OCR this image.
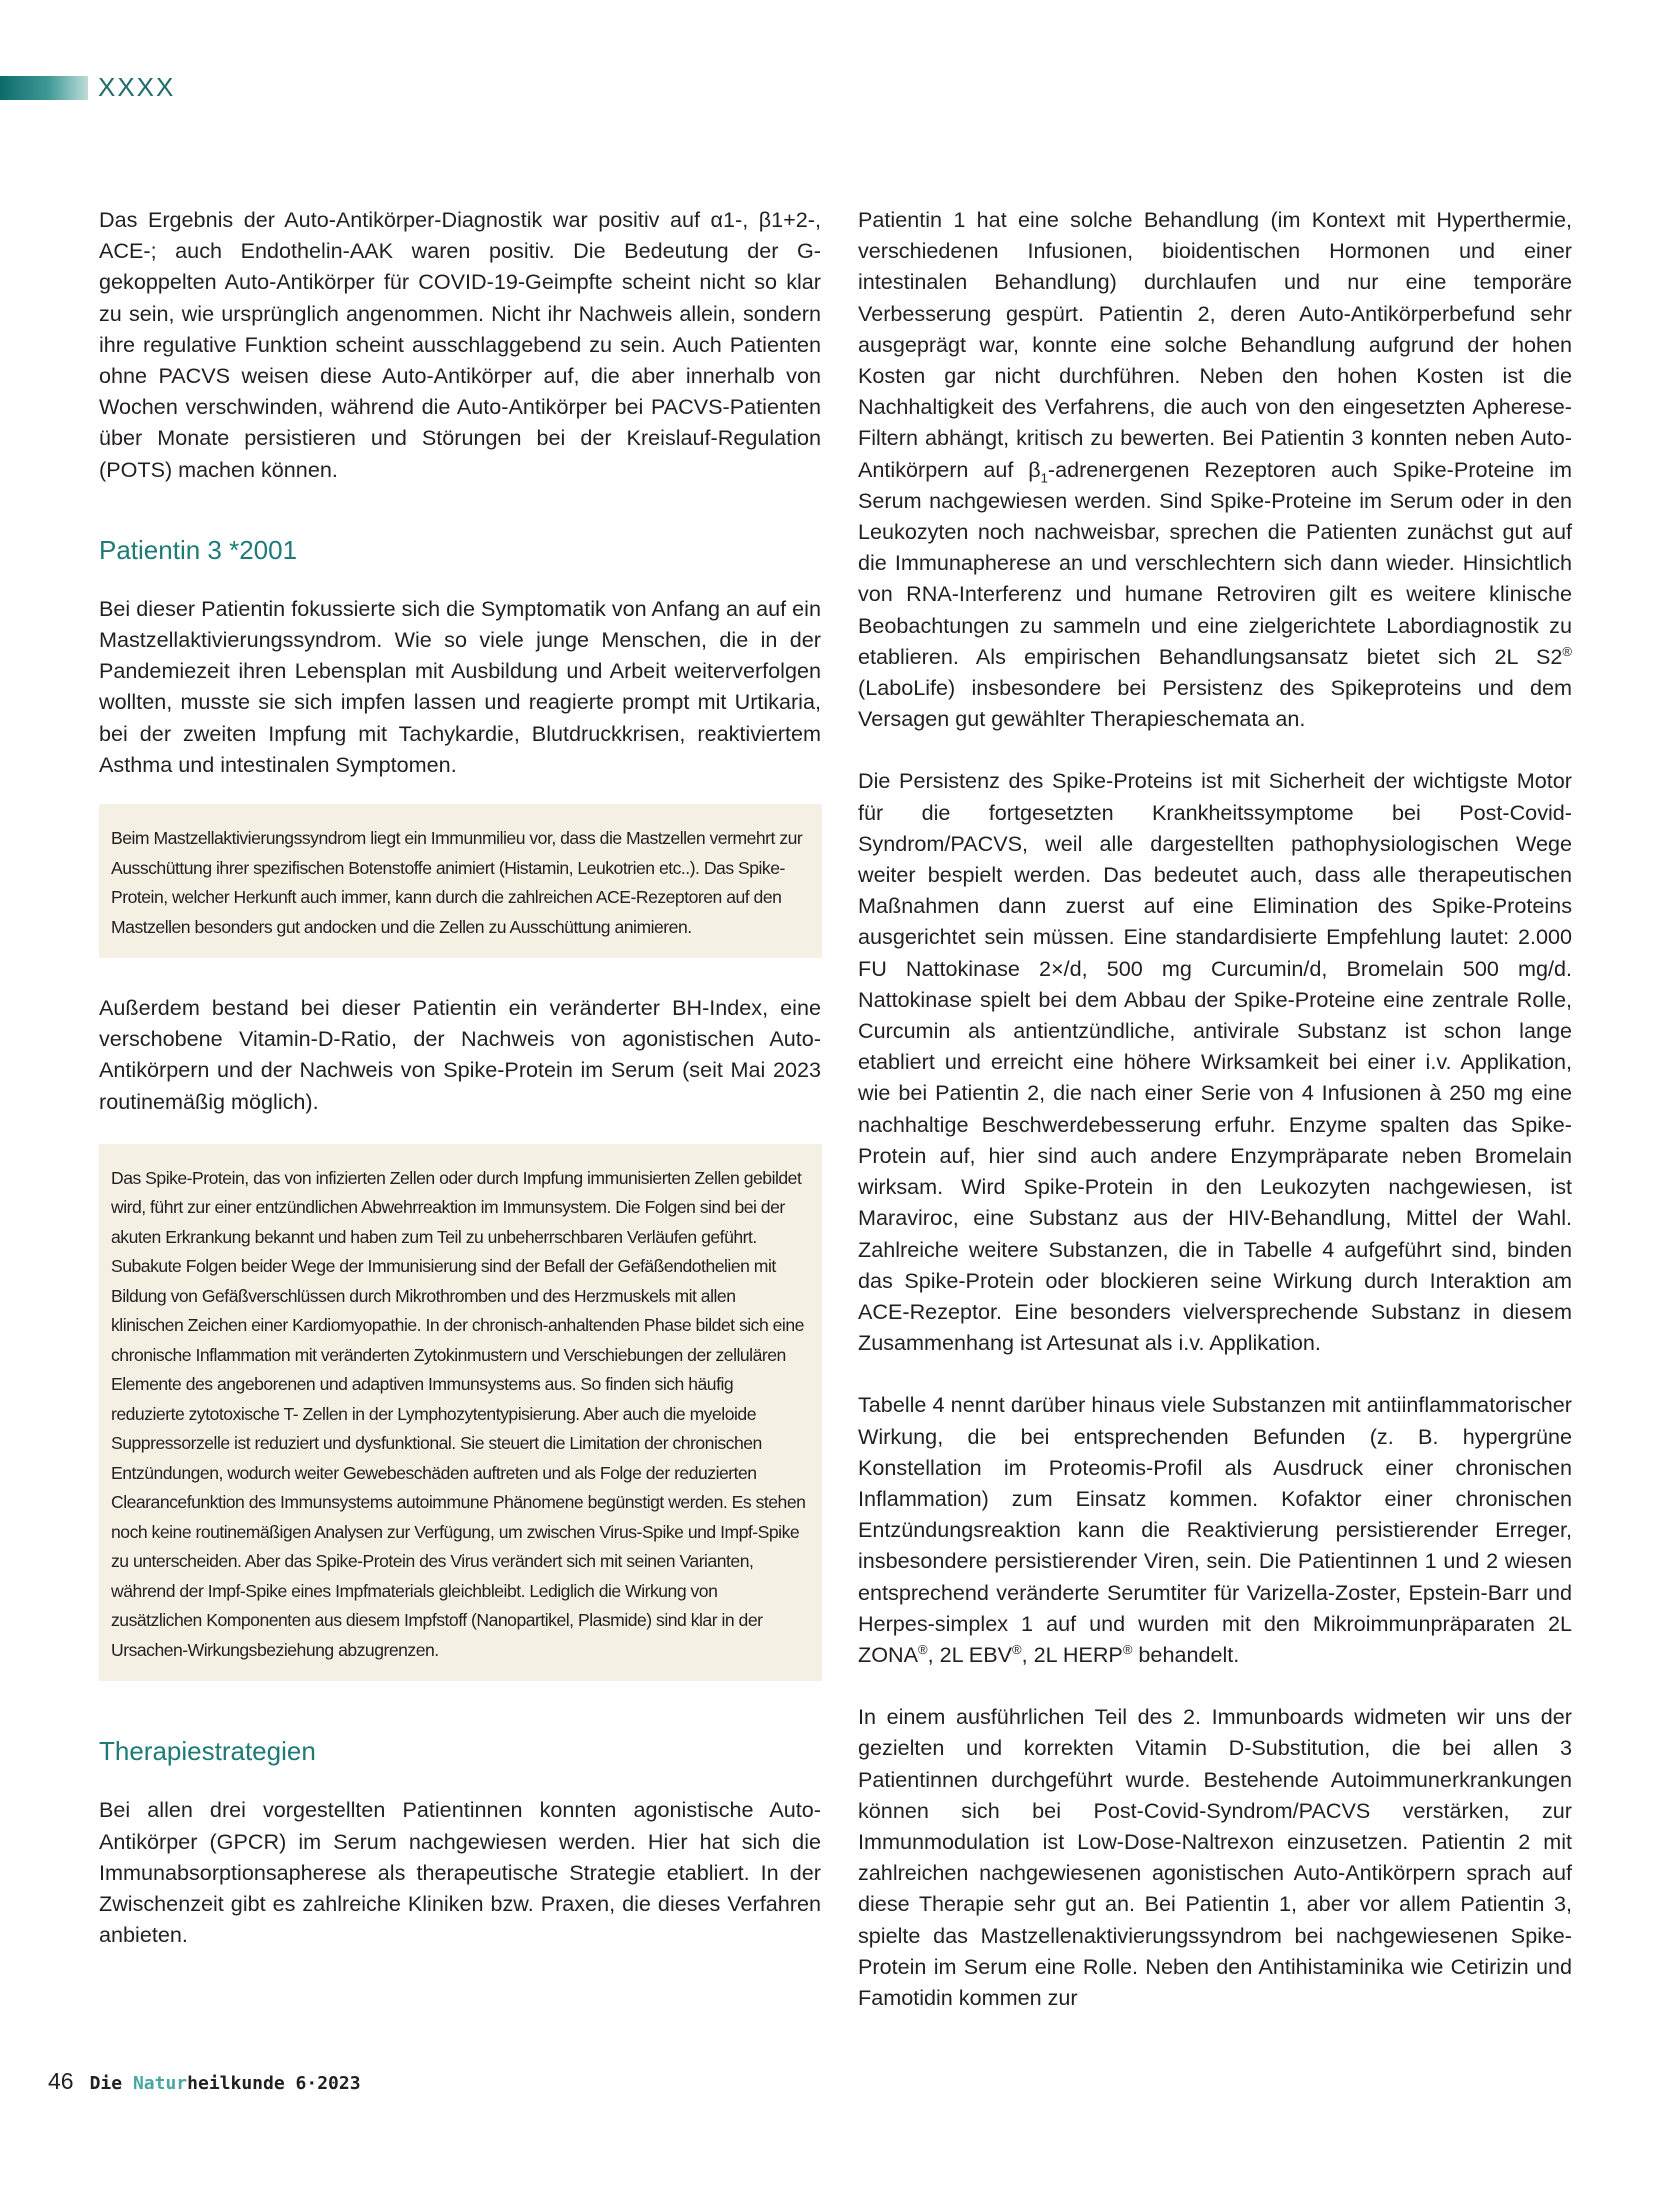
XXXX

Das Ergebnis der Auto-Antikörper-Diagnostik war positiv auf α1-, β1+2-, ACE-; auch Endothelin-AAK waren positiv. Die Bedeutung der G-gekoppelten Auto-Antikörper für COVID-19-Geimpfte scheint nicht so klar zu sein, wie ursprünglich angenommen. Nicht ihr Nachweis allein, sondern ihre regulative Funktion scheint ausschlaggebend zu sein. Auch Patienten ohne PACVS weisen diese Auto-Antikörper auf, die aber innerhalb von Wochen verschwinden, während die Auto-Antikörper bei PACVS-Patienten über Monate persistieren und Störungen bei der Kreislauf-Regulation (POTS) machen können.

Patientin 3 *2001

Bei dieser Patientin fokussierte sich die Symptomatik von Anfang an auf ein Mastzellaktivierungssyndrom. Wie so viele junge Menschen, die in der Pandemiezeit ihren Lebensplan mit Ausbildung und Arbeit weiterverfolgen wollten, musste sie sich impfen lassen und reagierte prompt mit Urtikaria, bei der zweiten Impfung mit Tachykardie, Blutdruckkrisen, reaktiviertem Asthma und intestinalen Symptomen.

Beim Mastzellaktivierungssyndrom liegt ein Immunmilieu vor, dass die Mastzellen vermehrt zur Ausschüttung ihrer spezifischen Botenstoffe animiert (Histamin, Leukotrien etc..). Das Spike-Protein, welcher Herkunft auch immer, kann durch die zahlreichen ACE-Rezeptoren auf den Mastzellen besonders gut andocken und die Zellen zu Ausschüttung animieren.

Außerdem bestand bei dieser Patientin ein veränderter BH-Index, eine verschobene Vitamin-D-Ratio, der Nachweis von agonistischen Auto-Antikörpern und der Nachweis von Spike-Protein im Serum (seit Mai 2023 routinemäßig möglich).

Das Spike-Protein, das von infizierten Zellen oder durch Impfung immunisierten Zellen gebildet wird, führt zur einer entzündlichen Abwehrreaktion im Immunsystem. Die Folgen sind bei der akuten Erkrankung bekannt und haben zum Teil zu unbeherrschbaren Verläufen geführt. Subakute Folgen beider Wege der Immunisierung sind der Befall der Gefäßendothelien mit Bildung von Gefäßverschlüssen durch Mikrothromben und des Herzmuskels mit allen klinischen Zeichen einer Kardiomyopathie. In der chronisch-anhaltenden Phase bildet sich eine chronische Inflammation mit veränderten Zytokinmustern und Verschiebungen der zellulären Elemente des angeborenen und adaptiven Immunsystems aus. So finden sich häufig reduzierte zytotoxische T- Zellen in der Lymphozytentypisierung. Aber auch die myeloide Suppressorzelle ist reduziert und dysfunktional. Sie steuert die Limitation der chronischen Entzündungen, wodurch weiter Gewebeschäden auftreten und als Folge der reduzierten Clearancefunktion des Immunsystems autoimmune Phänomene begünstigt werden. Es stehen noch keine routinemäßigen Analysen zur Verfügung, um zwischen Virus-Spike und Impf-Spike zu unterscheiden. Aber das Spike-Protein des Virus verändert sich mit seinen Varianten, während der Impf-Spike eines Impfmaterials gleichbleibt. Lediglich die Wirkung von zusätzlichen Komponenten aus diesem Impfstoff (Nanopartikel, Plasmide) sind klar in der Ursachen-Wirkungsbeziehung abzugrenzen.

Therapiestrategien

Bei allen drei vorgestellten Patientinnen konnten agonistische Auto-Antikörper (GPCR) im Serum nachgewiesen werden. Hier hat sich die Immunabsorptionsapherese als therapeutische Strategie etabliert. In der Zwischenzeit gibt es zahlreiche Kliniken bzw. Praxen, die dieses Verfahren anbieten.

Patientin 1 hat eine solche Behandlung (im Kontext mit Hyperthermie, verschiedenen Infusionen, bioidentischen Hormonen und einer intestinalen Behandlung) durchlaufen und nur eine temporäre Verbesserung gespürt. Patientin 2, deren Auto-Antikörperbefund sehr ausgeprägt war, konnte eine solche Behandlung aufgrund der hohen Kosten gar nicht durchführen. Neben den hohen Kosten ist die Nachhaltigkeit des Verfahrens, die auch von den eingesetzten Apherese-Filtern abhängt, kritisch zu bewerten. Bei Patientin 3 konnten neben Auto-Antikörpern auf $\beta_1$-adrenergenen Rezeptoren auch Spike-Proteine im Serum nachgewiesen werden. Sind Spike-Proteine im Serum oder in den Leukozyten noch nachweisbar, sprechen die Patienten zunächst gut auf die Immunapherese an und verschlechtern sich dann wieder. Hinsichtlich von RNA-Interferenz und humane Retroviren gilt es weitere klinische Beobachtungen zu sammeln und eine zielgerichtete Labordiagnostik zu etablieren. Als empirischen Behandlungsansatz bietet sich 2L S2® (LaboLife) insbesondere bei Persistenz des Spikeproteins und dem Versagen gut gewählter Therapieschemata an.

Die Persistenz des Spike-Proteins ist mit Sicherheit der wichtigste Motor für die fortgesetzten Krankheitssymptome bei Post-Covid-Syndrom/PACVS, weil alle dargestellten pathophysiologischen Wege weiter bespielt werden. Das bedeutet auch, dass alle therapeutischen Maßnahmen dann zuerst auf eine Elimination des Spike-Proteins ausgerichtet sein müssen. Eine standardisierte Empfehlung lautet: 2.000 FU Nattokinase 2×/d, 500 mg Curcumin/d, Bromelain 500 mg/d. Nattokinase spielt bei dem Abbau der Spike-Proteine eine zentrale Rolle, Curcumin als antientzündliche, antivirale Substanz ist schon lange etabliert und erreicht eine höhere Wirksamkeit bei einer i.v. Applikation, wie bei Patientin 2, die nach einer Serie von 4 Infusionen à 250 mg eine nachhaltige Beschwerdebesserung erfuhr. Enzyme spalten das Spike-Protein auf, hier sind auch andere Enzympräparate neben Bromelain wirksam. Wird Spike-Protein in den Leukozyten nachgewiesen, ist Maraviroc, eine Substanz aus der HIV-Behandlung, Mittel der Wahl. Zahlreiche weitere Substanzen, die in Tabelle 4 aufgeführt sind, binden das Spike-Protein oder blockieren seine Wirkung durch Interaktion am ACE-Rezeptor. Eine besonders vielversprechende Substanz in diesem Zusammenhang ist Artesunat als i.v. Applikation.

Tabelle 4 nennt darüber hinaus viele Substanzen mit antiinflammatorischer Wirkung, die bei entsprechenden Befunden (z. B. hypergrüne Konstellation im Proteomis-Profil als Ausdruck einer chronischen Inflammation) zum Einsatz kommen. Kofaktor einer chronischen Entzündungsreaktion kann die Reaktivierung persistierender Erreger, insbesondere persistierender Viren, sein. Die Patientinnen 1 und 2 wiesen entsprechend veränderte Serumtiter für Varizella-Zoster, Epstein-Barr und Herpes-simplex 1 auf und wurden mit den Mikroimmunpräparaten 2L ZONA®, 2L EBV®, 2L HERP® behandelt.

In einem ausführlichen Teil des 2. Immunboards widmeten wir uns der gezielten und korrekten Vitamin D-Substitution, die bei allen 3 Patientinnen durchgeführt wurde. Bestehende Autoimmunerkrankungen können sich bei Post-Covid-Syndrom/PACVS verstärken, zur Immunmodulation ist Low-Dose-Naltrexon einzusetzen. Patientin 2 mit zahlreichen nachgewiesenen agonistischen Auto-Antikörpern sprach auf diese Therapie sehr gut an. Bei Patientin 1, aber vor allem Patientin 3, spielte das Mastzellenaktivierungssyndrom bei nachgewiesenen Spike-Protein im Serum eine Rolle. Neben den Antihistaminika wie Cetirizin und Famotidin kommen zur

46 Die Naturheilkunde 6·2023
